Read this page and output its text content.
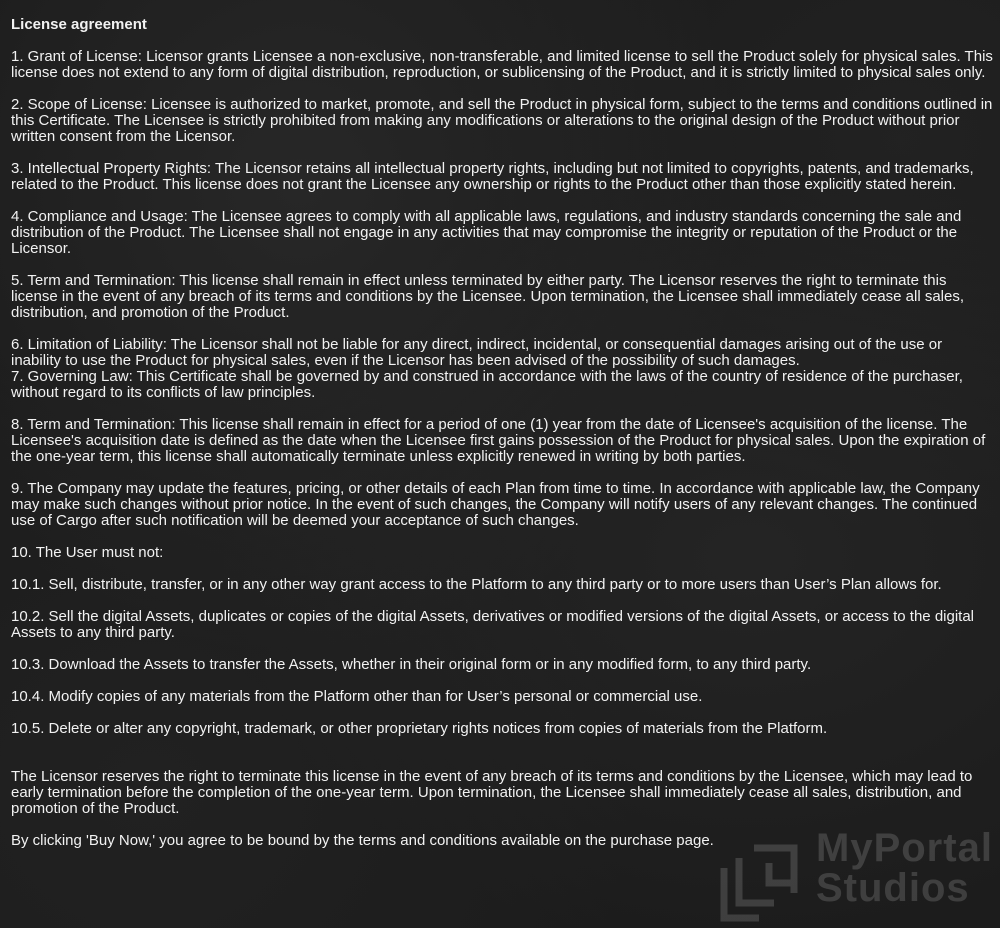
License agreement

1. Grant of License: Licensor grants Licensee a non-exclusive, non-transferable, and limited license to sell the Product solely for physical sales. This license does not extend to any form of digital distribution, reproduction, or sublicensing of the Product, and it is strictly limited to physical sales only.

2. Scope of License: Licensee is authorized to market, promote, and sell the Product in physical form, subject to the terms and conditions outlined in this Certificate. The Licensee is strictly prohibited from making any modifications or alterations to the original design of the Product without prior written consent from the Licensor.

3. Intellectual Property Rights: The Licensor retains all intellectual property rights, including but not limited to copyrights, patents, and trademarks, related to the Product. This license does not grant the Licensee any ownership or rights to the Product other than those explicitly stated herein.

4. Compliance and Usage: The Licensee agrees to comply with all applicable laws, regulations, and industry standards concerning the sale and distribution of the Product. The Licensee shall not engage in any activities that may compromise the integrity or reputation of the Product or the Licensor.

5. Term and Termination: This license shall remain in effect unless terminated by either party. The Licensor reserves the right to terminate this license in the event of any breach of its terms and conditions by the Licensee. Upon termination, the Licensee shall immediately cease all sales, distribution, and promotion of the Product.

6. Limitation of Liability: The Licensor shall not be liable for any direct, indirect, incidental, or consequential damages arising out of the use or inability to use the Product for physical sales, even if the Licensor has been advised of the possibility of such damages.

7. Governing Law: This Certificate shall be governed by and construed in accordance with the laws of the country of residence of the purchaser, without regard to its conflicts of law principles.

8. Term and Termination: This license shall remain in effect for a period of one (1) year from the date of Licensee's acquisition of the license. The Licensee's acquisition date is defined as the date when the Licensee first gains possession of the Product for physical sales. Upon the expiration of the one-year term, this license shall automatically terminate unless explicitly renewed in writing by both parties.

9. The Company may update the features, pricing, or other details of each Plan from time to time. In accordance with applicable law, the Company may make such changes without prior notice. In the event of such changes, the Company will notify users of any relevant changes. The continued use of Cargo after such notification will be deemed your acceptance of such changes.

10. The User must not:

10.1. Sell, distribute, transfer, or in any other way grant access to the Platform to any third party or to more users than User’s Plan allows for.

10.2. Sell the digital Assets, duplicates or copies of the digital Assets, derivatives or modified versions of the digital Assets, or access to the digital Assets to any third party.

10.3. Download the Assets to transfer the Assets, whether in their original form or in any modified form, to any third party.

10.4. Modify copies of any materials from the Platform other than for User’s personal or commercial use.

10.5. Delete or alter any copyright, trademark, or other proprietary rights notices from copies of materials from the Platform.

The Licensor reserves the right to terminate this license in the event of any breach of its terms and conditions by the Licensee, which may lead to early termination before the completion of the one-year term. Upon termination, the Licensee shall immediately cease all sales, distribution, and promotion of the Product.

By clicking 'Buy Now,' you agree to be bound by the terms and conditions available on the purchase page.	MyPortal
Studios
